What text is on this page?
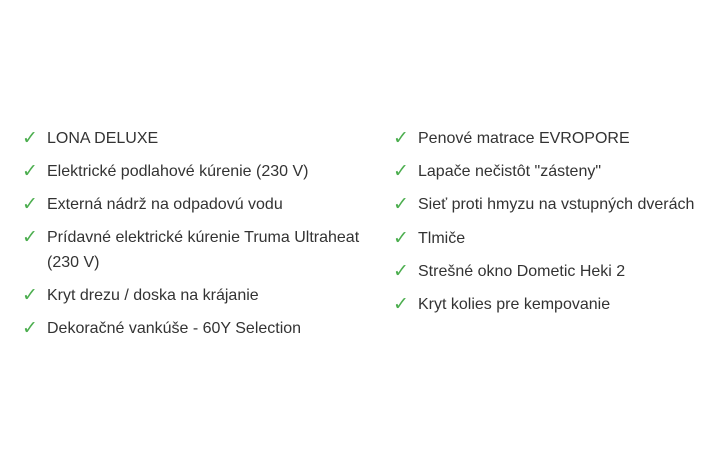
✓ LONA DELUXE
✓ Elektrické podlahové kúrenie (230 V)
✓ Externá nádrž na odpadovú vodu
✓ Prídavné elektrické kúrenie Truma Ultraheat (230 V)
✓ Kryt drezu / doska na krájanie
✓ Dekoračné vankúše - 60Y Selection
✓ Penové matrace EVROPORE
✓ Lapače nečistôt "zásteny"
✓ Sieť proti hmyzu na vstupných dverách
✓ Tlmiče
✓ Strešné okno Dometic Heki 2
✓ Kryt kolies pre kempovanie
